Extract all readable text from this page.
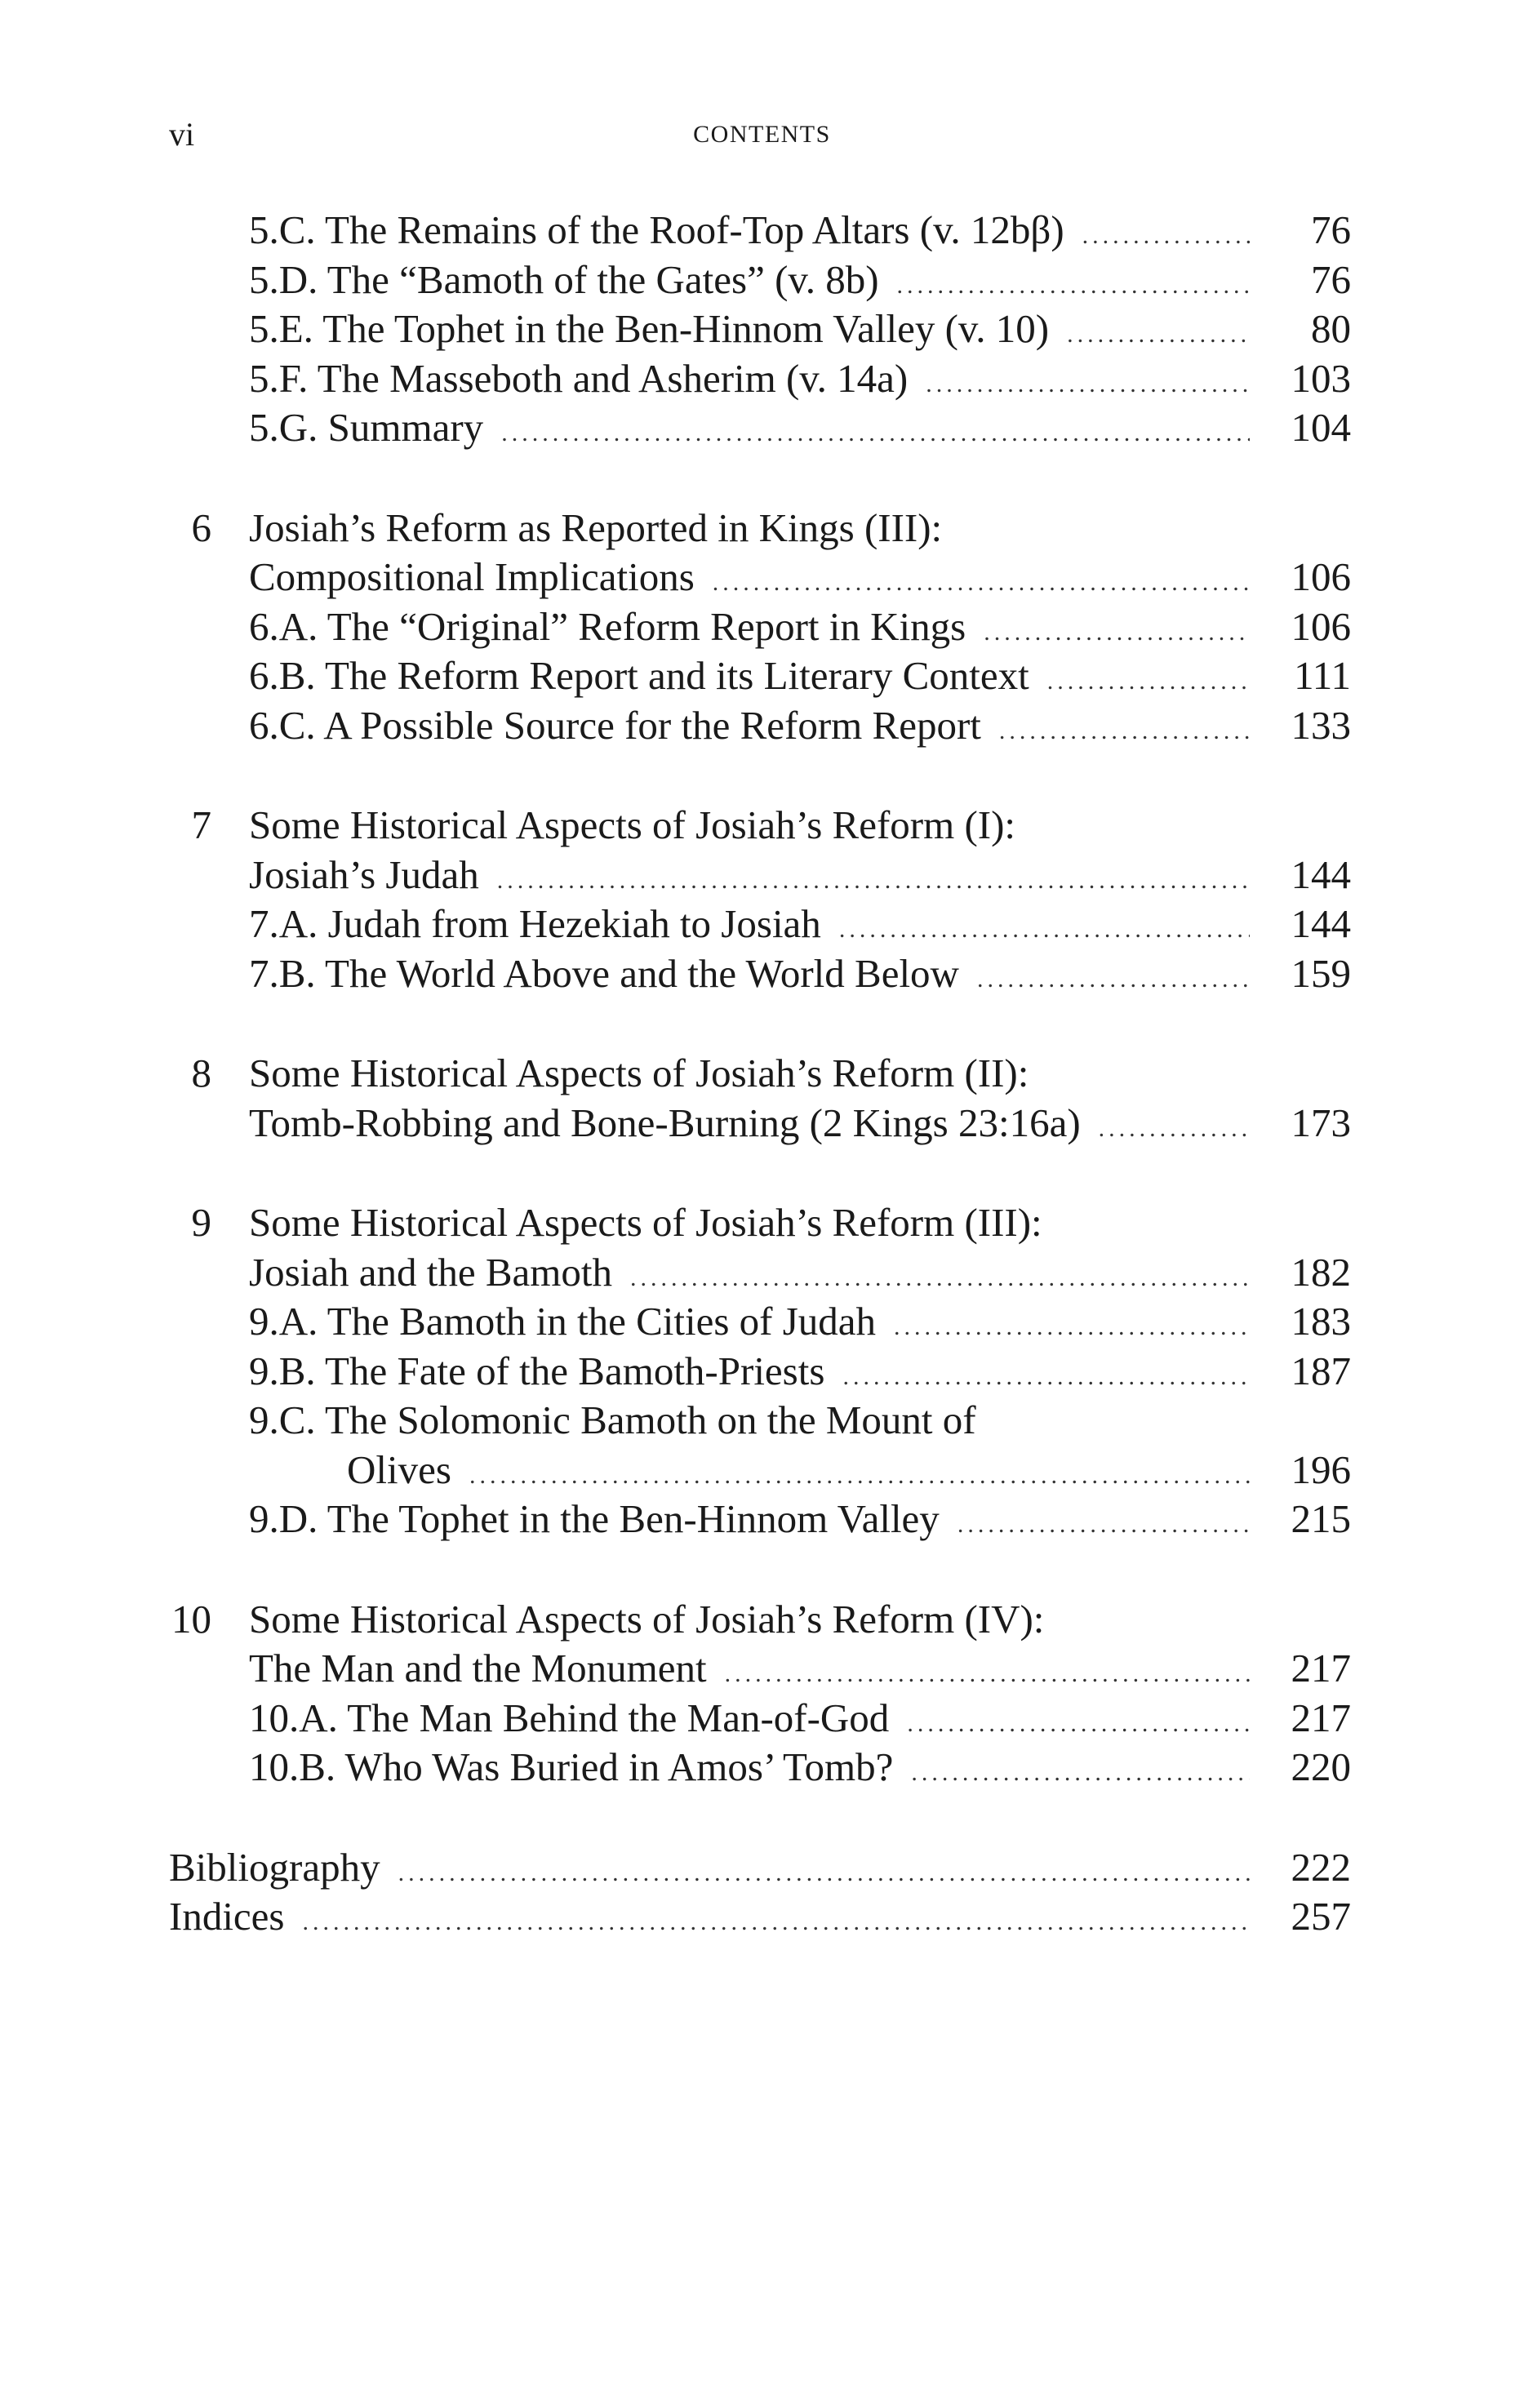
vi	CONTENTS
5.C. The Remains of the Roof-Top Altars (v. 12bβ) .....	76
5.D. The “Bamoth of the Gates” (v. 8b) .....	76
5.E. The Tophet in the Ben-Hinnom Valley (v. 10) .....	80
5.F. The Masseboth and Asherim (v. 14a) .....	103
5.G. Summary .....	104
6 Josiah’s Reform as Reported in Kings (III):
Compositional Implications .....	106
6.A. The “Original” Reform Report in Kings .....	106
6.B. The Reform Report and its Literary Context .....	111
6.C. A Possible Source for the Reform Report .....	133
7 Some Historical Aspects of Josiah’s Reform (I):
Josiah’s Judah .....	144
7.A. Judah from Hezekiah to Josiah .....	144
7.B. The World Above and the World Below .....	159
8 Some Historical Aspects of Josiah’s Reform (II):
Tomb-Robbing and Bone-Burning (2 Kings 23:16a) .....	173
9 Some Historical Aspects of Josiah’s Reform (III):
Josiah and the Bamoth .....	182
9.A. The Bamoth in the Cities of Judah .....	183
9.B. The Fate of the Bamoth-Priests .....	187
9.C. The Solomonic Bamoth on the Mount of
Olives .....	196
9.D. The Tophet in the Ben-Hinnom Valley .....	215
10 Some Historical Aspects of Josiah’s Reform (IV):
The Man and the Monument .....	217
10.A. The Man Behind the Man-of-God .....	217
10.B. Who Was Buried in Amos’ Tomb? .....	220
Bibliography .....	222
Indices .....	257
